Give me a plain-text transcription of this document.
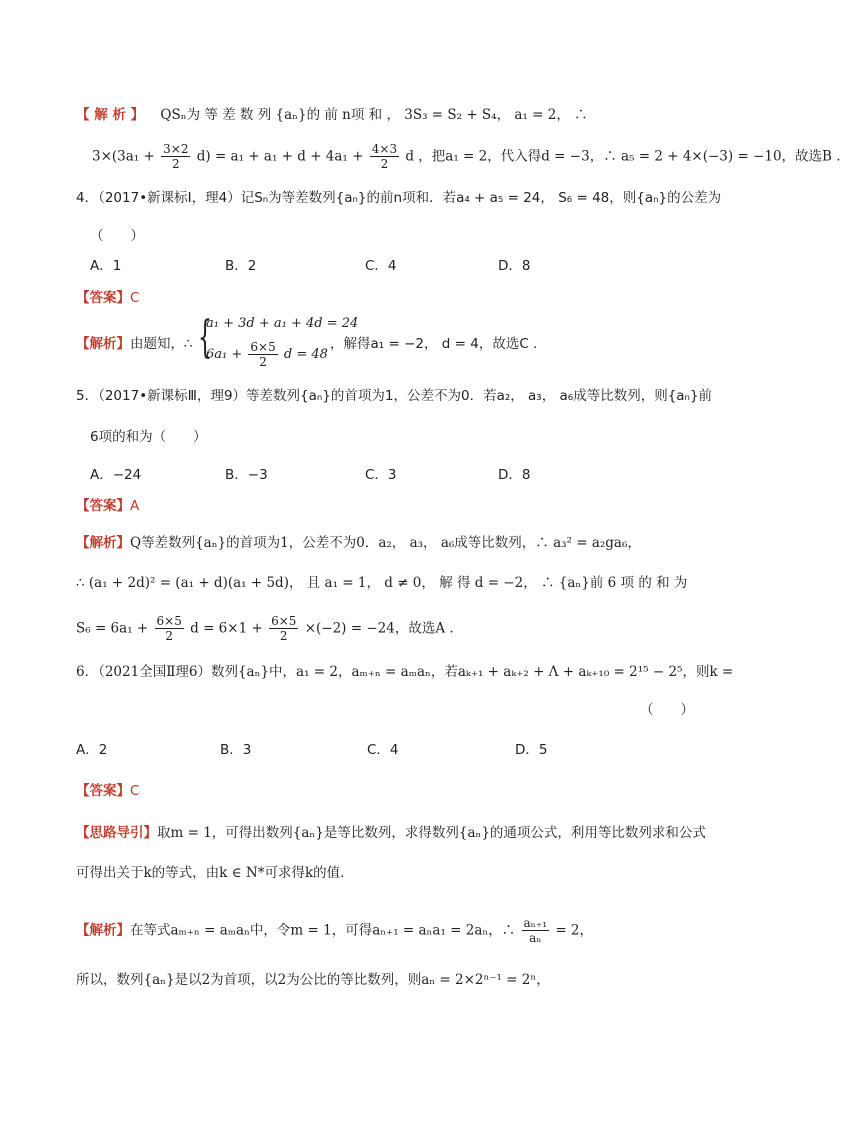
【 解 析 】 QSₙ为 等 差 数 列 {aₙ}的 前 n项 和 ， 3S₃ = S₂ + S₄， a₁ = 2， ∴
$3\times(3a_1 + \frac{3\times 2}{2} d) = a_1 + a_1 + d + 4a_1 + \frac{4\times 3}{2}$ d ，把a₁ = 2，代入得d = −3，∴ a₅ = 2 + 4×(−3) = −10，故选B .
4．（2017•新课标Ⅰ，理4）记Sₙ为等差数列{aₙ}的前n项和．若a₄ + a₅ = 24， S₆ = 48，则{aₙ}的公差为
（　　）
A．1	B．2	C．4	D．8
【答案】C
【解析】由题知，∴ {
a₁ + 3d + a₁ + 4d = 24
$6a_1 + \frac{6\times 5}{2}$ d = 48
，解得a₁ = −2， d = 4，故选C .
5．（2017•新课标Ⅲ，理9）等差数列{aₙ}的首项为1，公差不为0．若a₂， a₃， a₆成等比数列，则{aₙ}前
6项的和为（　　）
A．−24	B．−3	C．3	D．8
【答案】A
【解析】Q等差数列{aₙ}的首项为1，公差不为0．a₂， a₃， a₆成等比数列，∴ a₃² = a₂ga₆，
∴ (a₁ + 2d)² = (a₁ + d)(a₁ + 5d)， 且 a₁ = 1， d ≠ 0， 解 得 d = −2， ∴ {aₙ}前 6 项 的 和 为
$S_6 = 6a_1 + \frac{6\times 5}{2}$ $d = 6\times 1 + \frac{6\times 5}{2} \times(-2) = -24$，故选A .
6．（2021全国Ⅱ理6）数列{aₙ}中，a₁ = 2，aₘ₊ₙ = aₘaₙ，若aₖ₊₁ + aₖ₊₂ + Λ + aₖ₊₁₀ = 2¹⁵ − 2⁵，则k =
（　　）
A．2	B．3	C．4	D．5
【答案】C
【思路导引】取m = 1，可得出数列{aₙ}是等比数列，求得数列{aₙ}的通项公式，利用等比数列求和公式
可得出关于k的等式，由k ∈ N*可求得k的值．
【解析】在等式aₘ₊ₙ = aₘaₙ中，令m = 1，可得aₙ₊₁ = aₙa₁ = 2aₙ，∴ $\frac{\text{aₙ₊₁}}{\text{aₙ}} = 2$，
所以，数列{aₙ}是以2为首项，以2为公比的等比数列，则aₙ = 2×2ⁿ⁻¹ = 2ⁿ，
